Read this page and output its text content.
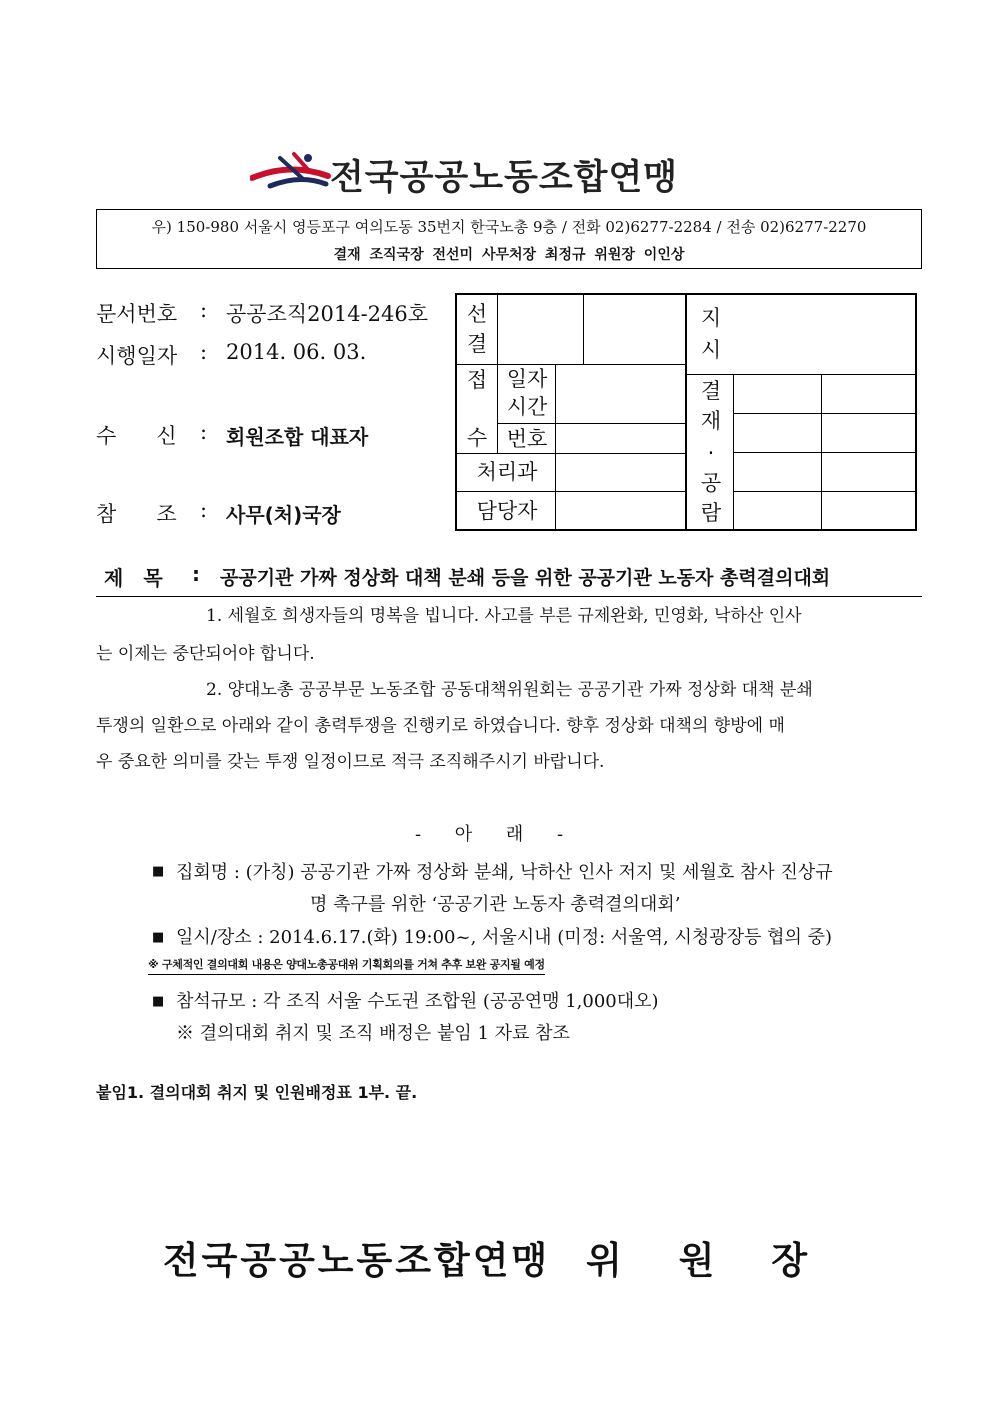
전국공공노동조합연맹
우) 150-980 서울시 영등포구 여의도동 35번지 한국노총 9층 / 전화 02)6277-2284 / 전송 02)6277-2270
결재 조직국장 전선미 사무처장 최정규 위원장 이인상
문서번호 : 공공조직2014-246호
시행일자 : 2014. 06. 03.
수      신 : 회원조합 대표자
참      조 : 사무(처)국장
선
결
접
수
일자
시간
번호
처리과
담당자
지
시
결
재
·
공
람
제목 : 공공기관 가짜 정상화 대책 분쇄 등을 위한 공공기관 노동자 총력결의대회
1. 세월호 희생자들의 명복을 빕니다. 사고를 부른 규제완화, 민영화, 낙하산 인사
는 이제는 중단되어야 합니다.
2. 양대노총 공공부문 노동조합 공동대책위원회는 공공기관 가짜 정상화 대책 분쇄
투쟁의 일환으로 아래와 같이 총력투쟁을 진행키로 하였습니다. 향후 정상화 대책의 향방에 매
우 중요한 의미를 갖는 투쟁 일정이므로 적극 조직해주시기 바랍니다.
- 아 래 -
■ 집회명 : (가칭) 공공기관 가짜 정상화 분쇄, 낙하산 인사 저지 및 세월호 참사 진상규
명 촉구를 위한 ‘공공기관 노동자 총력결의대회’
■ 일시/장소 : 2014.6.17.(화) 19:00~, 서울시내 (미정: 서울역, 시청광장등 협의 중)
※ 구체적인 결의대회 내용은 양대노총공대위 기획회의를 거쳐 추후 보완 공지될 예정
■ 참석규모 : 각 조직 서울 수도권 조합원 (공공연맹 1,000대오)
※ 결의대회 취지 및 조직 배정은 붙임 1 자료 참조
붙임1. 결의대회 취지 및 인원배정표 1부. 끝.
전국공공노동조합연맹 위 원 장
